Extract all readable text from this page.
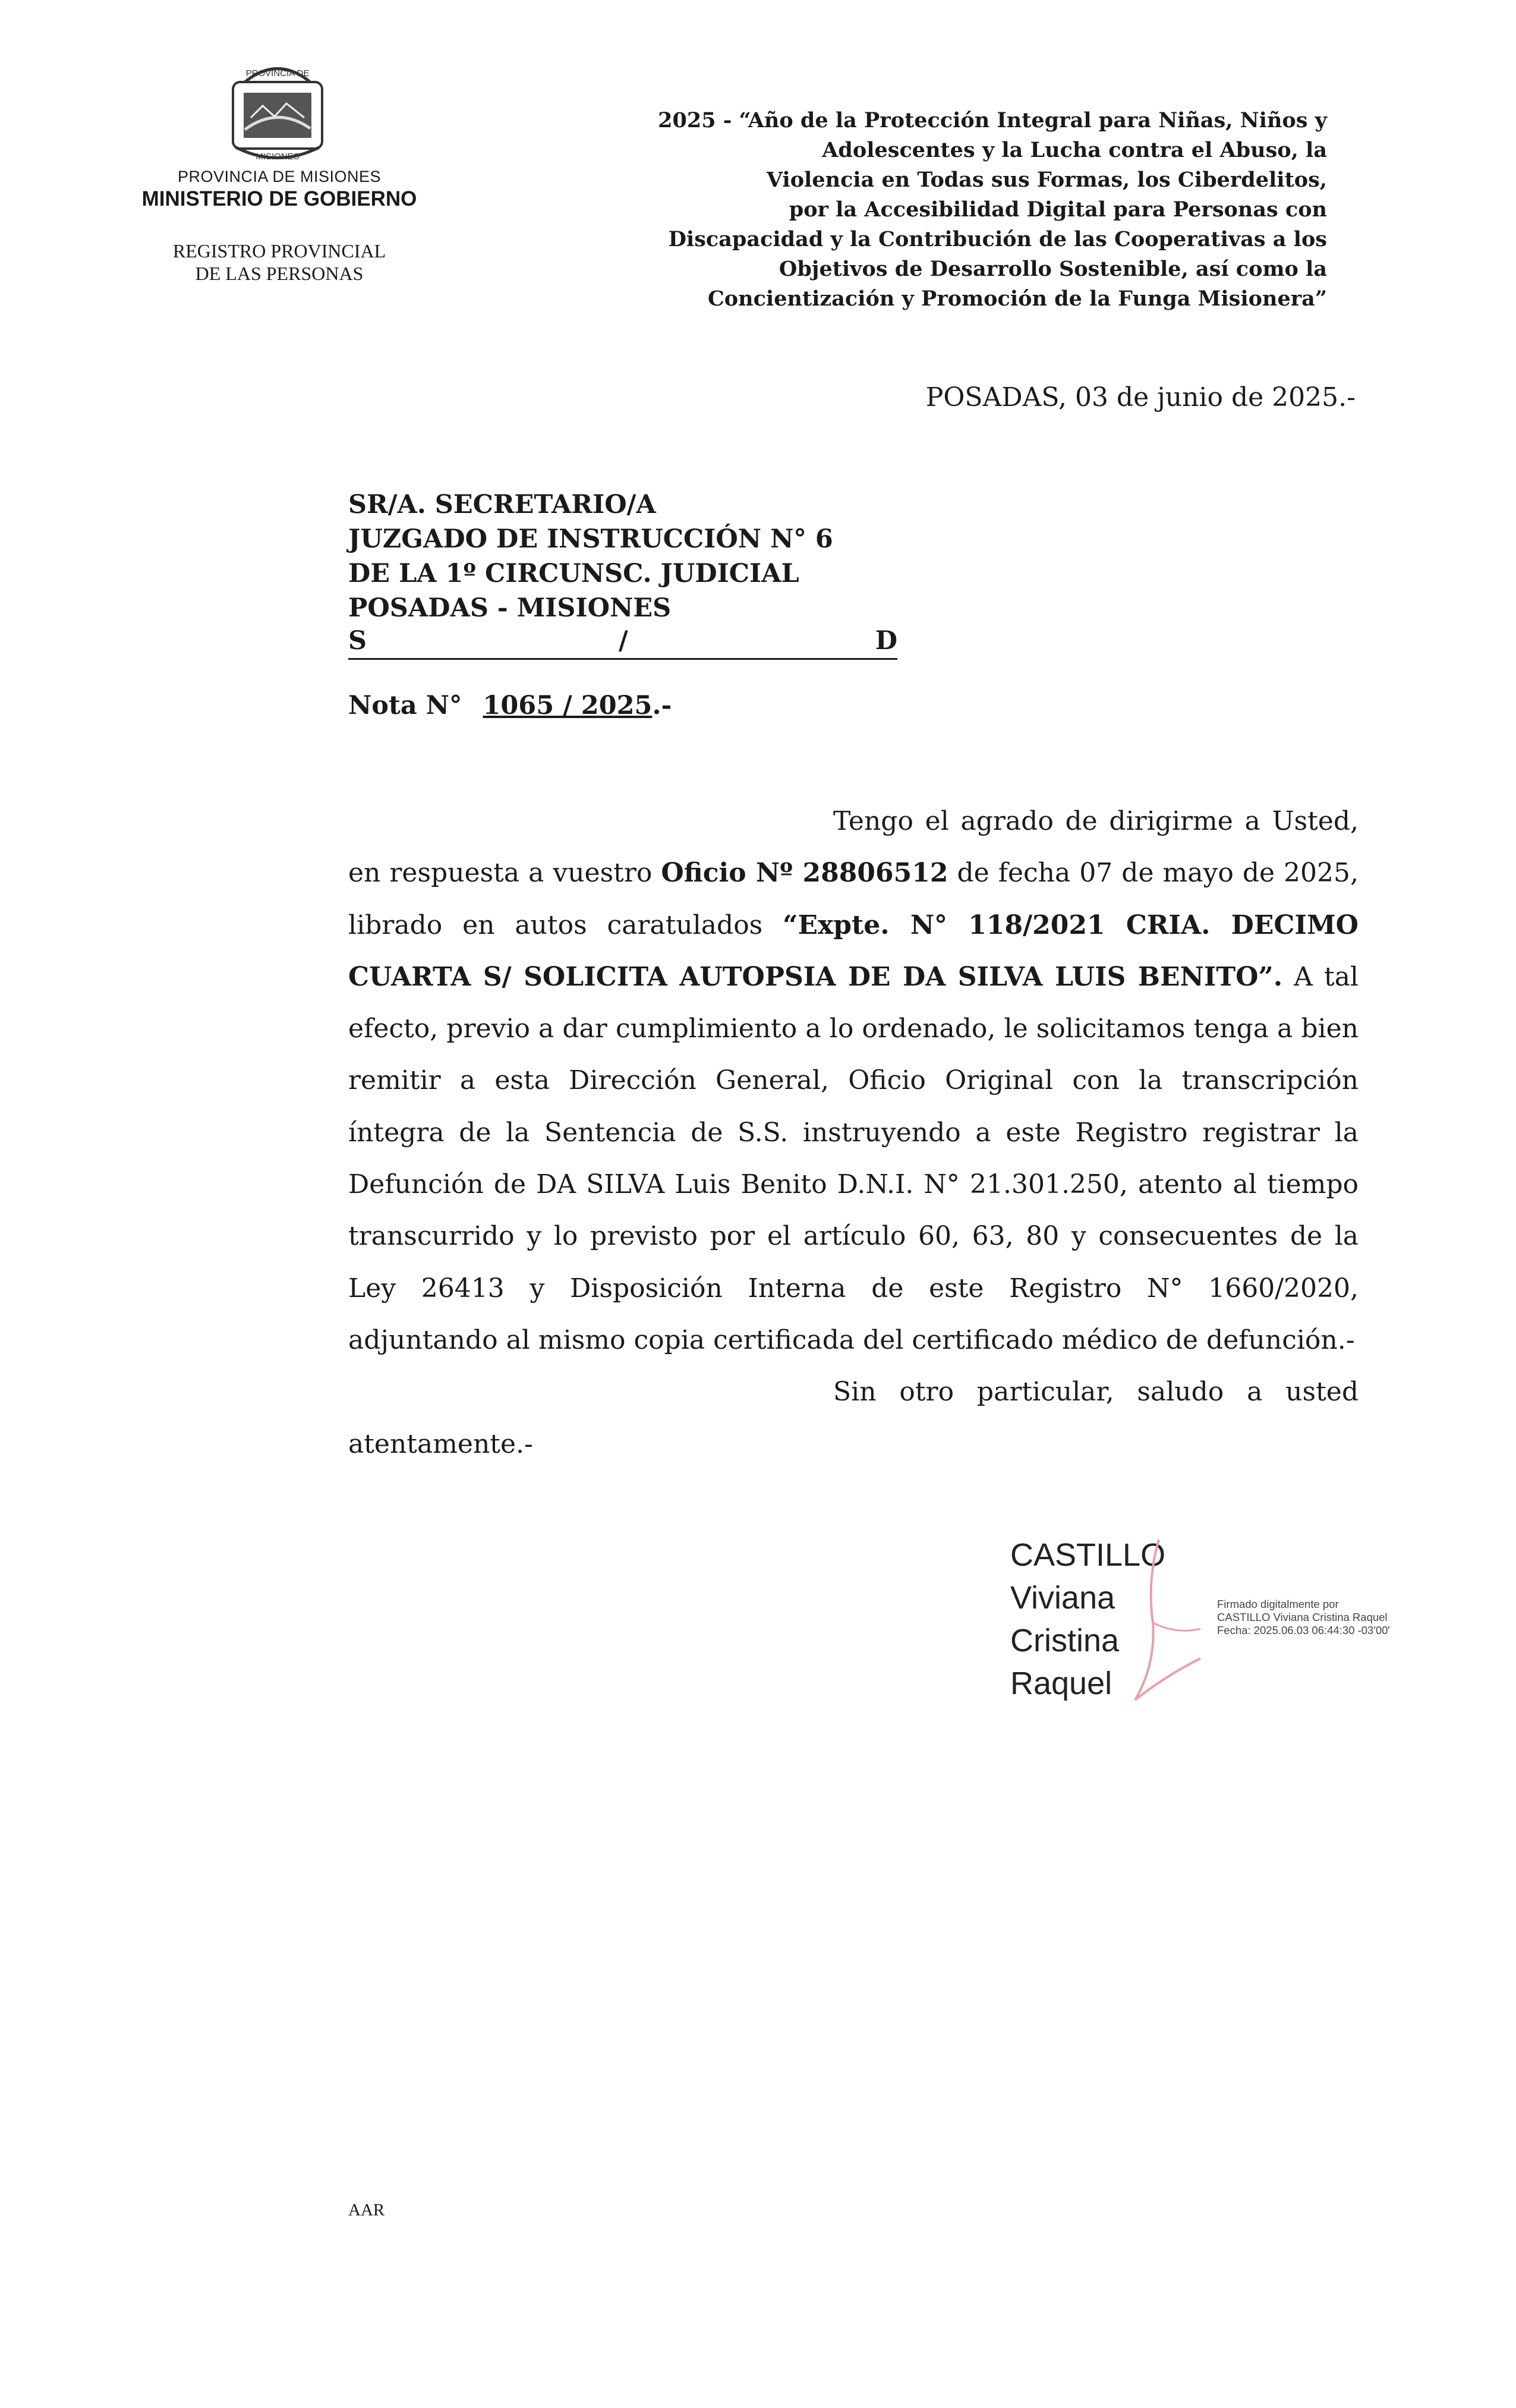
PROVINCIA DE
MISIONES
PROVINCIA DE MISIONES
MINISTERIO DE GOBIERNO
REGISTRO PROVINCIAL
DE LAS PERSONAS
2025 - “Año de la Protección Integral para Niñas, Niños y
Adolescentes y la Lucha contra el Abuso, la
Violencia en Todas sus Formas, los Ciberdelitos,
por la Accesibilidad Digital para Personas con
Discapacidad y la Contribución de las Cooperativas a los
Objetivos de Desarrollo Sostenible, así como la
Concientización y Promoción de la Funga Misionera”
POSADAS, 03 de junio de 2025.-
SR/A. SECRETARIO/A
JUZGADO DE INSTRUCCIÓN N° 6
DE LA 1º CIRCUNSC. JUDICIAL
POSADAS - MISIONES
S	/	D
Nota N° 1065 / 2025.-

Tengo el agrado de dirigirme a Usted, en respuesta a vuestro Oficio Nº 28806512 de fecha 07 de mayo de 2025, librado en autos caratulados “Expte. N° 118/2021 CRIA. DECIMO CUARTA S/ SOLICITA AUTOPSIA DE DA SILVA LUIS BENITO”. A tal efecto, previo a dar cumplimiento a lo ordenado, le solicitamos tenga a bien remitir a esta Dirección General, Oficio Original con la transcripción íntegra de la Sentencia de S.S. instruyendo a este Registro registrar la Defunción de DA SILVA Luis Benito D.N.I. N° 21.301.250, atento al tiempo transcurrido y lo previsto por el artículo 60, 63, 80 y consecuentes de la Ley 26413 y Disposición Interna de este Registro N° 1660/2020, adjuntando al mismo copia certificada del certificado médico de defunción.-

Sin otro particular, saludo a usted atentamente.-

CASTILLO
Viviana
Cristina
Raquel
Firmado digitalmente por
CASTILLO Viviana Cristina Raquel
Fecha: 2025.06.03 06:44:30 -03'00'
AAR
